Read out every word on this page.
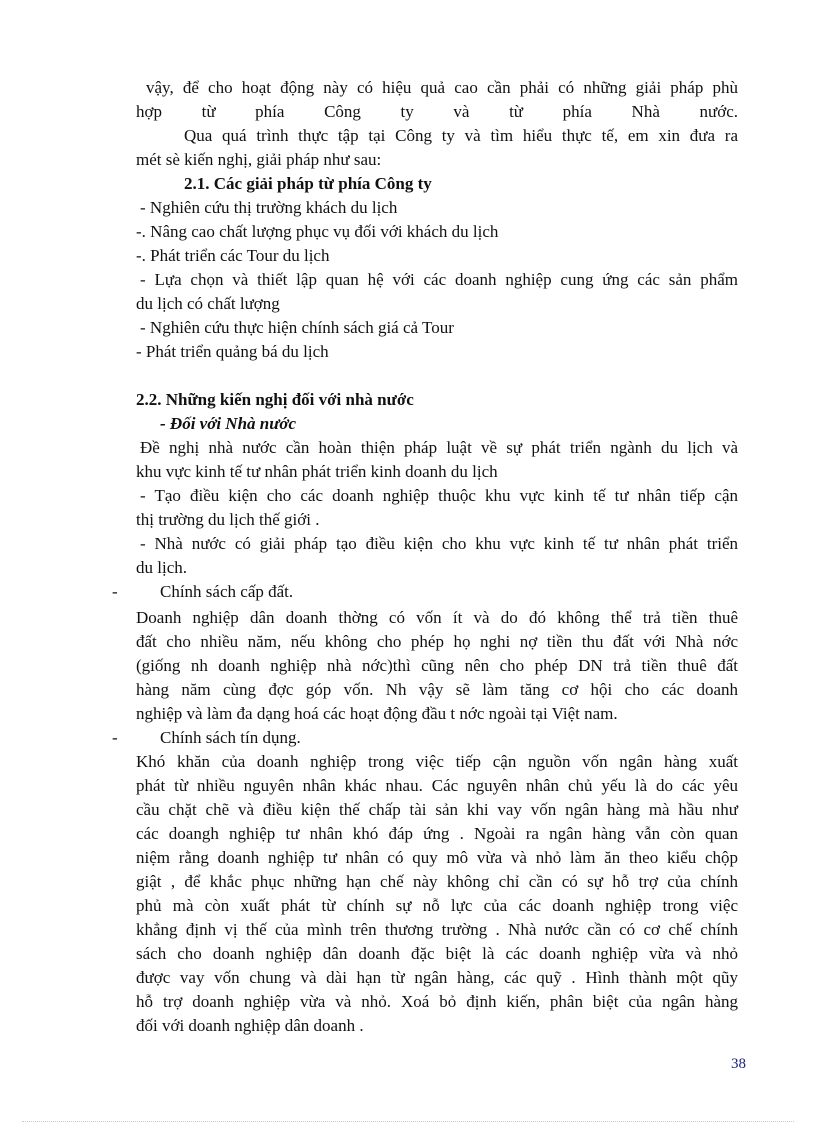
vậy, để cho hoạt động này có hiệu quả cao cần phải có những giải pháp phù
hợp từ phía Công ty và từ phía Nhà nước.
Qua quá trình thực tập tại Công ty và tìm hiểu thực tế, em xin đưa ra
mét sè kiến nghị, giải pháp như sau:
2.1. Các giải pháp từ phía Công ty
- Nghiên cứu thị trường khách du lịch
-. Nâng cao chất lượng phục vụ đối với khách du lịch
-. Phát triển các Tour du lịch
- Lựa chọn và thiết lập quan hệ với các doanh nghiệp cung ứng các sản phẩm
du lịch có chất lượng
- Nghiên cứu thực hiện chính sách giá cả Tour
- Phát triển quảng bá du lịch
2.2. Những kiến nghị đối với nhà nước
- Đối với Nhà nước
Đề nghị nhà nước cần hoàn thiện pháp luật về sự phát triển ngành du lịch và
khu vực kinh tế tư nhân phát triển kinh doanh du lịch
- Tạo điều kiện cho các doanh nghiệp thuộc khu vực kinh tế tư nhân tiếp cận
thị trường du lịch thế giới .
- Nhà nước có giải pháp tạo điều kiện cho khu vực kinh tế tư nhân phát triển
du lịch.
- Chính sách cấp đất.
Doanh nghiệp dân doanh thờng có vốn ít và do đó không thể trả tiền thuê
đất cho nhiều năm, nếu không cho phép họ nghi nợ tiền thu đất với Nhà nớc
(giống nh doanh nghiệp nhà nớc)thì cũng nên cho phép DN trả tiền thuê đất
hàng năm cùng đợc góp vốn. Nh vậy sẽ làm tăng cơ hội cho các doanh
nghiệp và làm đa dạng hoá các hoạt động đầu t nớc ngoài tại Việt nam.
- Chính sách tín dụng.
Khó khăn của doanh nghiệp trong việc tiếp cận nguồn vốn ngân hàng xuất
phát từ nhiều nguyên nhân khác nhau. Các nguyên nhân chủ yếu là do các yêu
cầu chặt chẽ và điều kiện thế chấp tài sản khi vay vốn ngân hàng mà hầu như
các doangh nghiệp tư nhân khó đáp ứng . Ngoài ra ngân hàng vẫn còn quan
niệm rằng doanh nghiệp tư nhân có quy mô vừa và nhỏ làm ăn theo kiểu chộp
giật , để khắc phục những hạn chế này không chỉ cần có sự hỗ trợ của chính
phủ mà còn xuất phát từ chính sự nỗ lực của các doanh nghiệp trong việc
khẳng định vị thế của mình trên thương trường . Nhà nước cần có cơ chế chính
sách cho doanh nghiệp dân doanh đặc biệt là các doanh nghiệp vừa và nhỏ
được vay vốn chung và dài hạn từ ngân hàng, các quỹ . Hình thành một qũy
hỗ trợ doanh nghiệp vừa và nhỏ. Xoá bỏ định kiến, phân biệt của ngân hàng
đối với doanh nghiệp dân doanh .
38
